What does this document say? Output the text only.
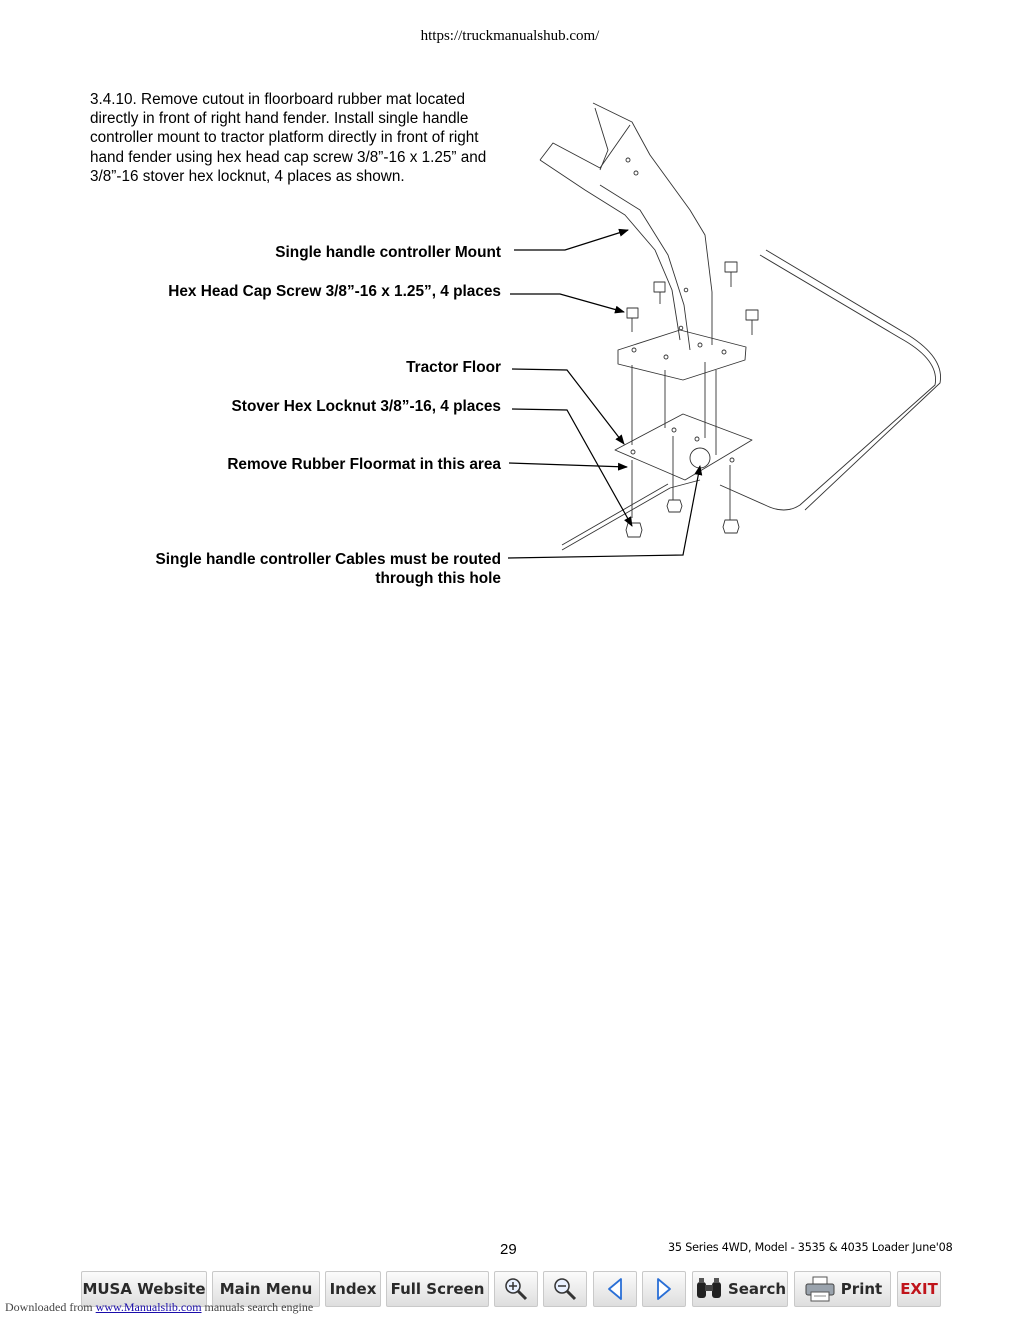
https://truckmanualshub.com/
3.4.10. Remove cutout in floorboard rubber mat located directly in front of right hand fender. Install single handle controller mount to tractor platform directly in front of right hand fender using hex head cap screw 3/8”-16 x 1.25” and 3/8”-16 stover hex locknut, 4 places as shown.
Single handle controller Mount
Hex Head Cap Screw 3/8”-16 x 1.25”, 4 places
Tractor Floor
Stover Hex Locknut 3/8”-16, 4 places
Remove Rubber Floormat in this area
Single handle controller Cables must be routed
through this hole
29	35 Series 4WD, Model - 3535 & 4035 Loader June'08
MUSA Website Main Menu Index Full Screen	Search	Print EXIT
Downloaded from www.Manualslib.com manuals search engine
